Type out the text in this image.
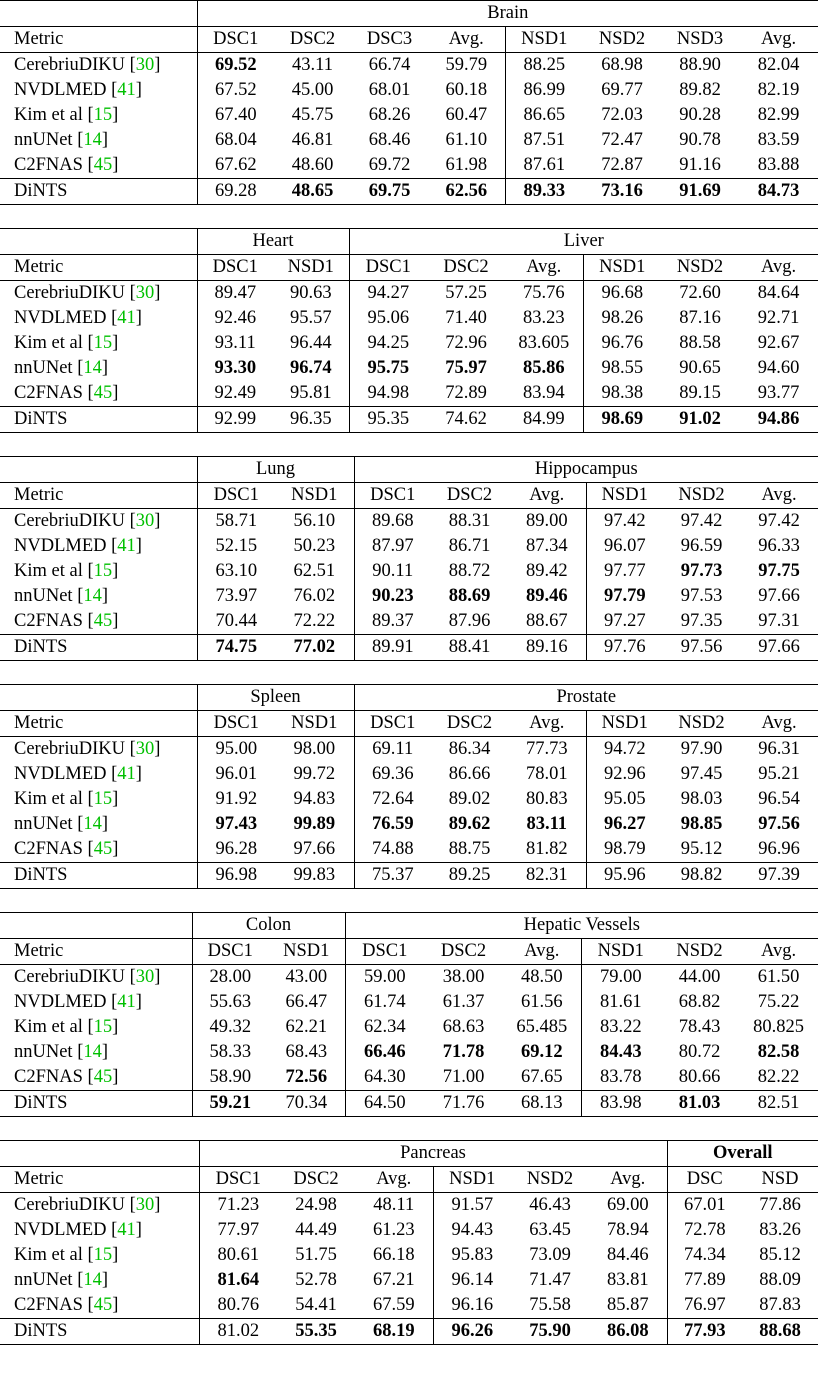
	Brain							
Metric	DSC1	DSC2	DSC3	Avg.	NSD1	NSD2	NSD3	Avg.
CerebriuDIKU [30]	69.52	43.11	66.74	59.79	88.25	68.98	88.90	82.04
NVDLMED [41]	67.52	45.00	68.01	60.18	86.99	69.77	89.82	82.19
Kim et al [15]	67.40	45.75	68.26	60.47	86.65	72.03	90.28	82.99
nnUNet [14]	68.04	46.81	68.46	61.10	87.51	72.47	90.78	83.59
C2FNAS [45]	67.62	48.60	69.72	61.98	87.61	72.87	91.16	83.88
DiNTS	69.28	48.65	69.75	62.56	89.33	73.16	91.69	84.73
	Heart		Liver					
Metric	DSC1	NSD1	DSC1	DSC2	Avg.	NSD1	NSD2	Avg.
CerebriuDIKU [30]	89.47	90.63	94.27	57.25	75.76	96.68	72.60	84.64
NVDLMED [41]	92.46	95.57	95.06	71.40	83.23	98.26	87.16	92.71
Kim et al [15]	93.11	96.44	94.25	72.96	83.605	96.76	88.58	92.67
nnUNet [14]	93.30	96.74	95.75	75.97	85.86	98.55	90.65	94.60
C2FNAS [45]	92.49	95.81	94.98	72.89	83.94	98.38	89.15	93.77
DiNTS	92.99	96.35	95.35	74.62	84.99	98.69	91.02	94.86
	Lung		Hippocampus					
Metric	DSC1	NSD1	DSC1	DSC2	Avg.	NSD1	NSD2	Avg.
CerebriuDIKU [30]	58.71	56.10	89.68	88.31	89.00	97.42	97.42	97.42
NVDLMED [41]	52.15	50.23	87.97	86.71	87.34	96.07	96.59	96.33
Kim et al [15]	63.10	62.51	90.11	88.72	89.42	97.77	97.73	97.75
nnUNet [14]	73.97	76.02	90.23	88.69	89.46	97.79	97.53	97.66
C2FNAS [45]	70.44	72.22	89.37	87.96	88.67	97.27	97.35	97.31
DiNTS	74.75	77.02	89.91	88.41	89.16	97.76	97.56	97.66
	Spleen		Prostate					
Metric	DSC1	NSD1	DSC1	DSC2	Avg.	NSD1	NSD2	Avg.
CerebriuDIKU [30]	95.00	98.00	69.11	86.34	77.73	94.72	97.90	96.31
NVDLMED [41]	96.01	99.72	69.36	86.66	78.01	92.96	97.45	95.21
Kim et al [15]	91.92	94.83	72.64	89.02	80.83	95.05	98.03	96.54
nnUNet [14]	97.43	99.89	76.59	89.62	83.11	96.27	98.85	97.56
C2FNAS [45]	96.28	97.66	74.88	88.75	81.82	98.79	95.12	96.96
DiNTS	96.98	99.83	75.37	89.25	82.31	95.96	98.82	97.39
	Colon		Hepatic Vessels					
Metric	DSC1	NSD1	DSC1	DSC2	Avg.	NSD1	NSD2	Avg.
CerebriuDIKU [30]	28.00	43.00	59.00	38.00	48.50	79.00	44.00	61.50
NVDLMED [41]	55.63	66.47	61.74	61.37	61.56	81.61	68.82	75.22
Kim et al [15]	49.32	62.21	62.34	68.63	65.485	83.22	78.43	80.825
nnUNet [14]	58.33	68.43	66.46	71.78	69.12	84.43	80.72	82.58
C2FNAS [45]	58.90	72.56	64.30	71.00	67.65	83.78	80.66	82.22
DiNTS	59.21	70.34	64.50	71.76	68.13	83.98	81.03	82.51
	Pancreas						Overall	
Metric	DSC1	DSC2	Avg.	NSD1	NSD2	Avg.	DSC	NSD
CerebriuDIKU [30]	71.23	24.98	48.11	91.57	46.43	69.00	67.01	77.86
NVDLMED [41]	77.97	44.49	61.23	94.43	63.45	78.94	72.78	83.26
Kim et al [15]	80.61	51.75	66.18	95.83	73.09	84.46	74.34	85.12
nnUNet [14]	81.64	52.78	67.21	96.14	71.47	83.81	77.89	88.09
C2FNAS [45]	80.76	54.41	67.59	96.16	75.58	85.87	76.97	87.83
DiNTS	81.02	55.35	68.19	96.26	75.90	86.08	77.93	88.68
